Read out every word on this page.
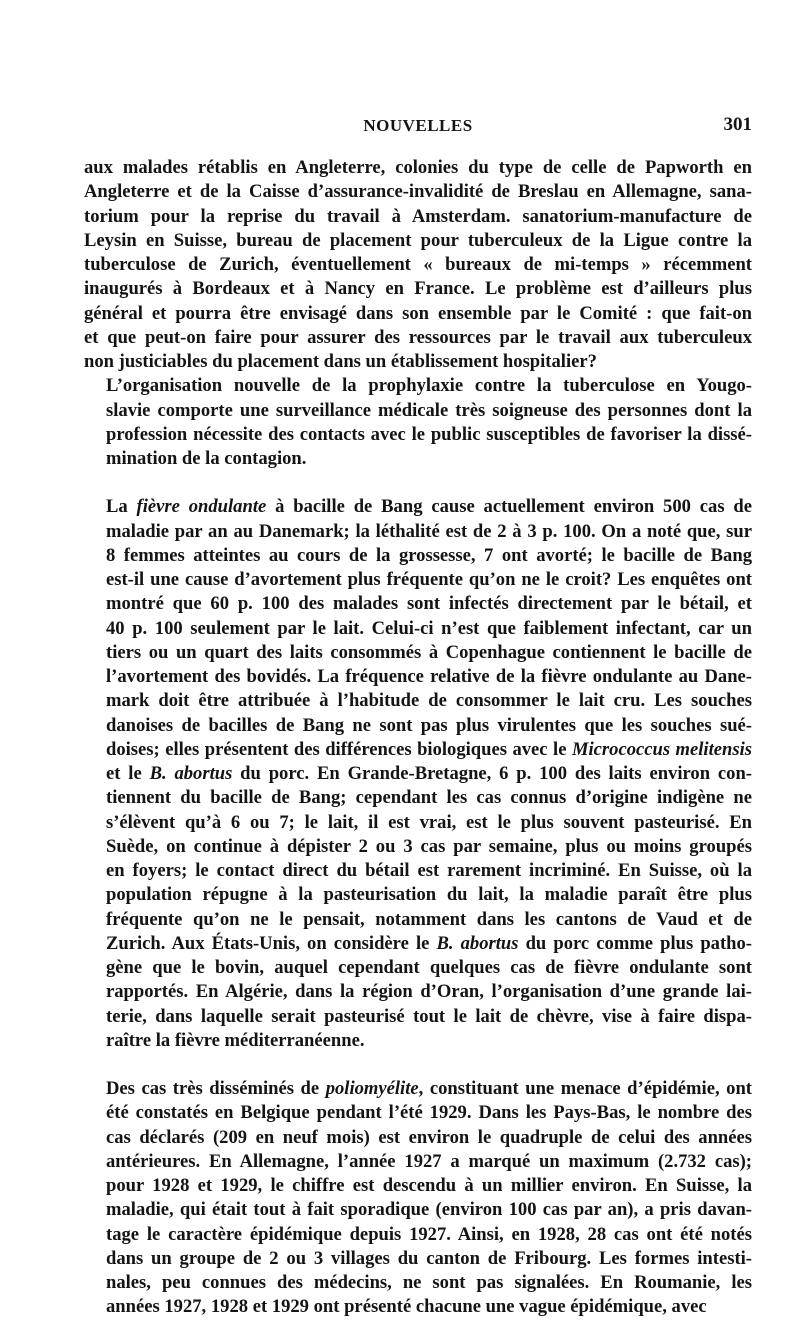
NOUVELLES	301

aux malades rétablis en Angleterre, colonies du type de celle de Papworth en
Angleterre et de la Caisse d’assurance-invalidité de Breslau en Allemagne, sana-
torium pour la reprise du travail à Amsterdam. sanatorium-manufacture de
Leysin en Suisse, bureau de placement pour tuberculeux de la Ligue contre la
tuberculose de Zurich, éventuellement « bureaux de mi-temps » récemment
inaugurés à Bordeaux et à Nancy en France. Le problème est d’ailleurs plus
général et pourra être envisagé dans son ensemble par le Comité : que fait-on
et que peut-on faire pour assurer des ressources par le travail aux tuberculeux
non justiciables du placement dans un établissement hospitalier?

L’organisation nouvelle de la prophylaxie contre la tuberculose en Yougo-
slavie comporte une surveillance médicale très soigneuse des personnes dont la
profession nécessite des contacts avec le public susceptibles de favoriser la dissé-
mination de la contagion.

La fièvre ondulante à bacille de Bang cause actuellement environ 500 cas de
maladie par an au Danemark; la léthalité est de 2 à 3 p. 100. On a noté que, sur
8 femmes atteintes au cours de la grossesse, 7 ont avorté; le bacille de Bang
est-il une cause d’avortement plus fréquente qu’on ne le croit? Les enquêtes ont
montré que 60 p. 100 des malades sont infectés directement par le bétail, et
40 p. 100 seulement par le lait. Celui-ci n’est que faiblement infectant, car un
tiers ou un quart des laits consommés à Copenhague contiennent le bacille de
l’avortement des bovidés. La fréquence relative de la fièvre ondulante au Dane-
mark doit être attribuée à l’habitude de consommer le lait cru. Les souches
danoises de bacilles de Bang ne sont pas plus virulentes que les souches sué-
doises; elles présentent des différences biologiques avec le Micrococcus melitensis
et le B. abortus du porc. En Grande-Bretagne, 6 p. 100 des laits environ con-
tiennent du bacille de Bang; cependant les cas connus d’origine indigène ne
s’élèvent qu’à 6 ou 7; le lait, il est vrai, est le plus souvent pasteurisé. En
Suède, on continue à dépister 2 ou 3 cas par semaine, plus ou moins groupés
en foyers; le contact direct du bétail est rarement incriminé. En Suisse, où la
population répugne à la pasteurisation du lait, la maladie paraît être plus
fréquente qu’on ne le pensait, notamment dans les cantons de Vaud et de
Zurich. Aux États-Unis, on considère le B. abortus du porc comme plus patho-
gène que le bovin, auquel cependant quelques cas de fièvre ondulante sont
rapportés. En Algérie, dans la région d’Oran, l’organisation d’une grande lai-
terie, dans laquelle serait pasteurisé tout le lait de chèvre, vise à faire dispa-
raître la fièvre méditerranéenne.

Des cas très disséminés de poliomyélite, constituant une menace d’épidémie, ont
été constatés en Belgique pendant l’été 1929. Dans les Pays-Bas, le nombre des
cas déclarés (209 en neuf mois) est environ le quadruple de celui des années
antérieures. En Allemagne, l’année 1927 a marqué un maximum (2.732 cas);
pour 1928 et 1929, le chiffre est descendu à un millier environ. En Suisse, la
maladie, qui était tout à fait sporadique (environ 100 cas par an), a pris davan-
tage le caractère épidémique depuis 1927. Ainsi, en 1928, 28 cas ont été notés
dans un groupe de 2 ou 3 villages du canton de Fribourg. Les formes intesti-
nales, peu connues des médecins, ne sont pas signalées. En Roumanie, les
années 1927, 1928 et 1929 ont présenté chacune une vague épidémique, avec
